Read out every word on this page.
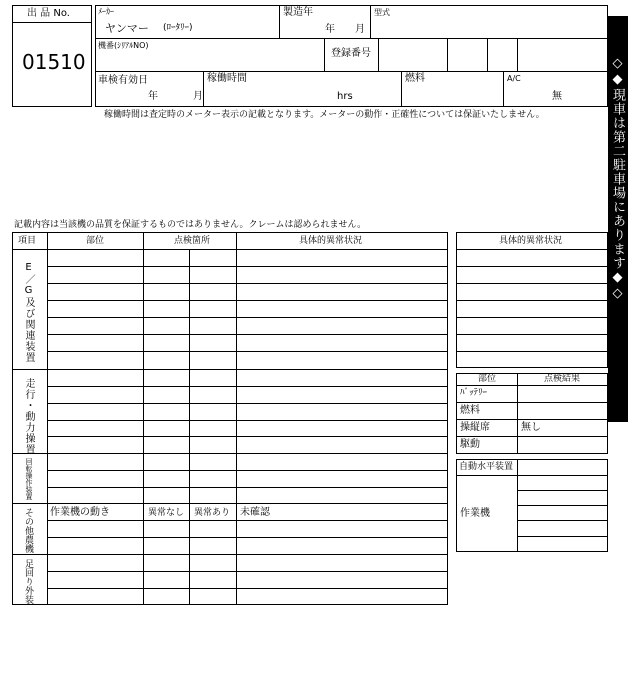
出 品 No.
01510
ﾒｰｶｰ
ヤンマー (ﾛｰﾀﾘｰ)
製造年
年 月
型式
機番(ｼﾘｱﾙNO)
登録番号
車検有効日
年	月
稼働時間
hrs
燃料	A/C
無
稼働時間は査定時のメーター表示の記載となります。メーターの動作・正確性については保証いたしません。	◇◆現車は第二駐車場にあります◆◇
記載内容は当該機の品質を保証するものではありません。クレームは認められません。
項目	部位	点検箇所	具体的異常状況
E／G及び関連装置
走行・動力操置
回転操作装置
その他農機
足回り外装
作業機の動き	異常なし 異常あり 未確認
具体的異常状況
部位	点検結果
ﾊﾞｯﾃﾘｰ
燃料
操縦席	無し
駆動
自動水平装置
作業機
